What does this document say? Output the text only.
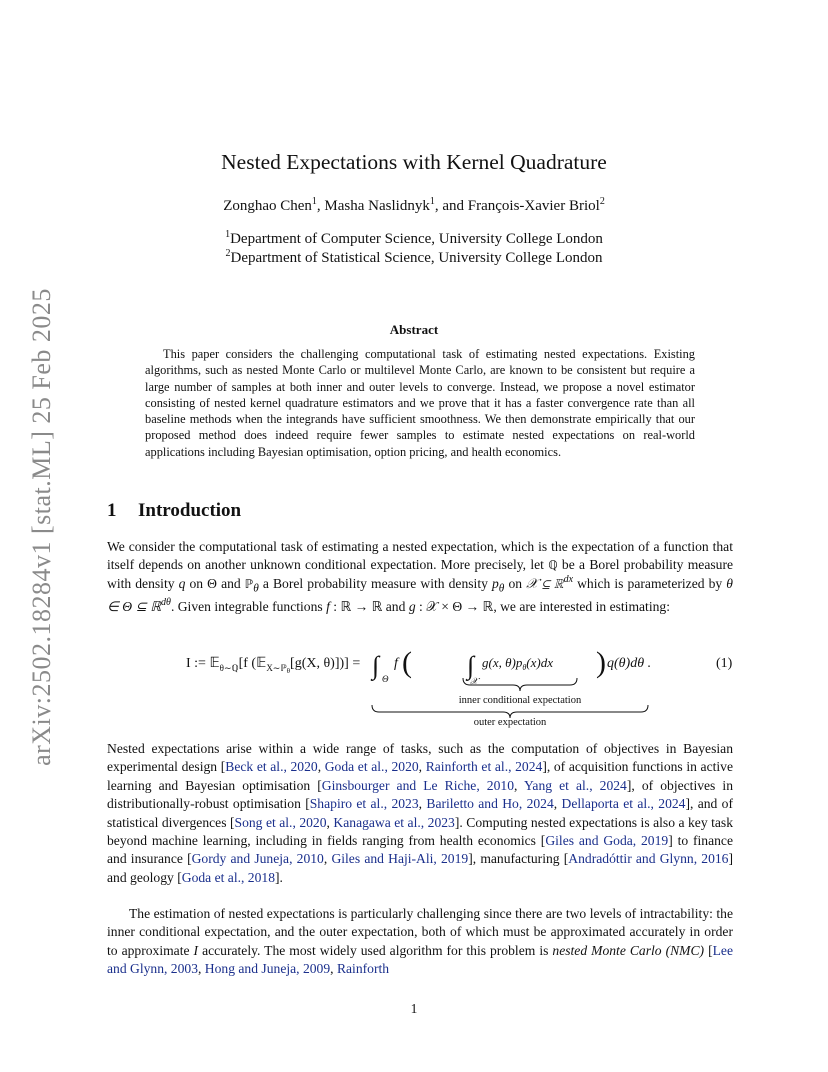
arXiv:2502.18284v1 [stat.ML] 25 Feb 2025
Nested Expectations with Kernel Quadrature
Zonghao Chen$^1$, Masha Naslidnyk$^1$, and François-Xavier Briol$^2$
$^1$Department of Computer Science, University College London
$^2$Department of Statistical Science, University College London
Abstract
This paper considers the challenging computational task of estimating nested expectations. Existing algorithms, such as nested Monte Carlo or multilevel Monte Carlo, are known to be consistent but require a large number of samples at both inner and outer levels to converge. Instead, we propose a novel estimator consisting of nested kernel quadrature estimators and we prove that it has a faster convergence rate than all baseline methods when the integrands have sufficient smoothness. We then demonstrate empirically that our proposed method does indeed require fewer samples to estimate nested expectations on real-world applications including Bayesian optimisation, option pricing, and health economics.
1 Introduction
We consider the computational task of estimating a nested expectation, which is the expectation of a function that itself depends on another unknown conditional expectation. More precisely, let ℚ be a Borel probability measure with density q on Θ and ℙ$_\theta$ a Borel probability measure with density $p_\theta$ on 𝒳 ⊆ ℝ$^{dx}$ which is parameterized by θ ∈ Θ ⊆ ℝ$^{d\theta}$. Given integrable functions f : ℝ → ℝ and g : 𝒳 × Θ → ℝ, we are interested in estimating:
I := 𝔼$_{\theta\sim ℚ}$[f (𝔼$_{X\sim ℙ}$θ[g(X, θ)])] = ∫ Θ
f ( ∫
𝒳
g(x, $\theta)p_\theta(x)dx$ ) q(θ)dθ .	(1)
inner conditional expectation
outer expectation
Nested expectations arise within a wide range of tasks, such as the computation of objectives in Bayesian experimental design [Beck et al., 2020, Goda et al., 2020, Rainforth et al., 2024], of acquisition functions in active learning and Bayesian optimisation [Ginsbourger and Le Riche, 2010, Yang et al., 2024], of objectives in distributionally-robust optimisation [Shapiro et al., 2023, Bariletto and Ho, 2024, Dellaporta et al., 2024], and of statistical divergences [Song et al., 2020, Kanagawa et al., 2023]. Computing nested expectations is also a key task beyond machine learning, including in fields ranging from health economics [Giles and Goda, 2019] to finance and insurance [Gordy and Juneja, 2010, Giles and Haji-Ali, 2019], manufacturing [Andradóttir and Glynn, 2016] and geology [Goda et al., 2018].
The estimation of nested expectations is particularly challenging since there are two levels of intractability: the inner conditional expectation, and the outer expectation, both of which must be approximated accurately in order to approximate I accurately. The most widely used algorithm for this problem is nested Monte Carlo (NMC) [Lee and Glynn, 2003, Hong and Juneja, 2009, Rainforth
1
